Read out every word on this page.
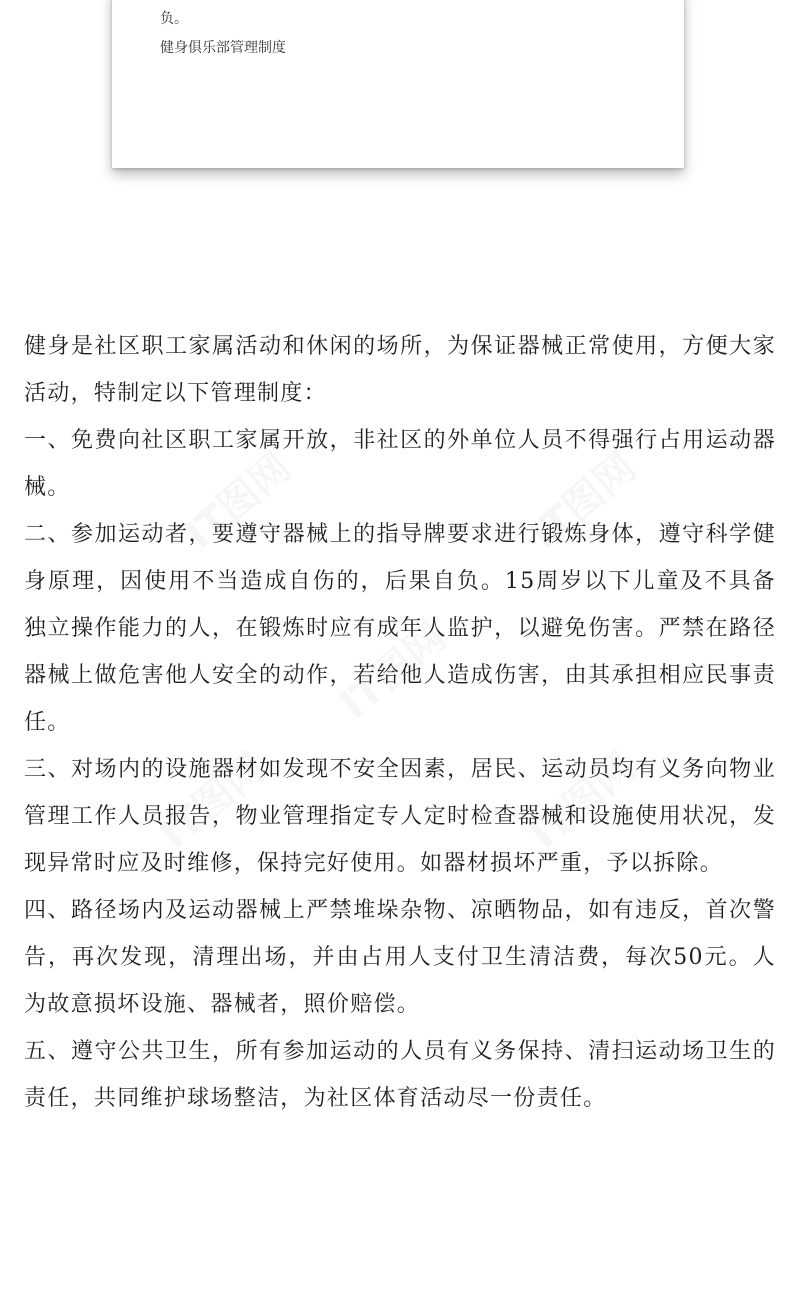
负。

健身俱乐部管理制度

健身是社区职工家属活动和休闲的场所，为保证器械正常使用，方便大家活动，特制定以下管理制度：

一、免费向社区职工家属开放，非社区的外单位人员不得强行占用运动器械。

二、参加运动者，要遵守器械上的指导牌要求进行锻炼身体，遵守科学健身原理，因使用不当造成自伤的，后果自负。15周岁以下儿童及不具备独立操作能力的人，在锻炼时应有成年人监护，以避免伤害。严禁在路径器械上做危害他人安全的动作，若给他人造成伤害，由其承担相应民事责任。

三、对场内的设施器材如发现不安全因素，居民、运动员均有义务向物业管理工作人员报告，物业管理指定专人定时检查器械和设施使用状况，发现异常时应及时维修，保持完好使用。如器材损坏严重，予以拆除。

四、路径场内及运动器械上严禁堆垛杂物、凉晒物品，如有违反，首次警告，再次发现，清理出场，并由占用人支付卫生清洁费，每次50元。人为故意损坏设施、器械者，照价赔偿。

五、遵守公共卫生，所有参加运动的人员有义务保持、清扫运动场卫生的责任，共同维护球场整洁，为社区体育活动尽一份责任。
